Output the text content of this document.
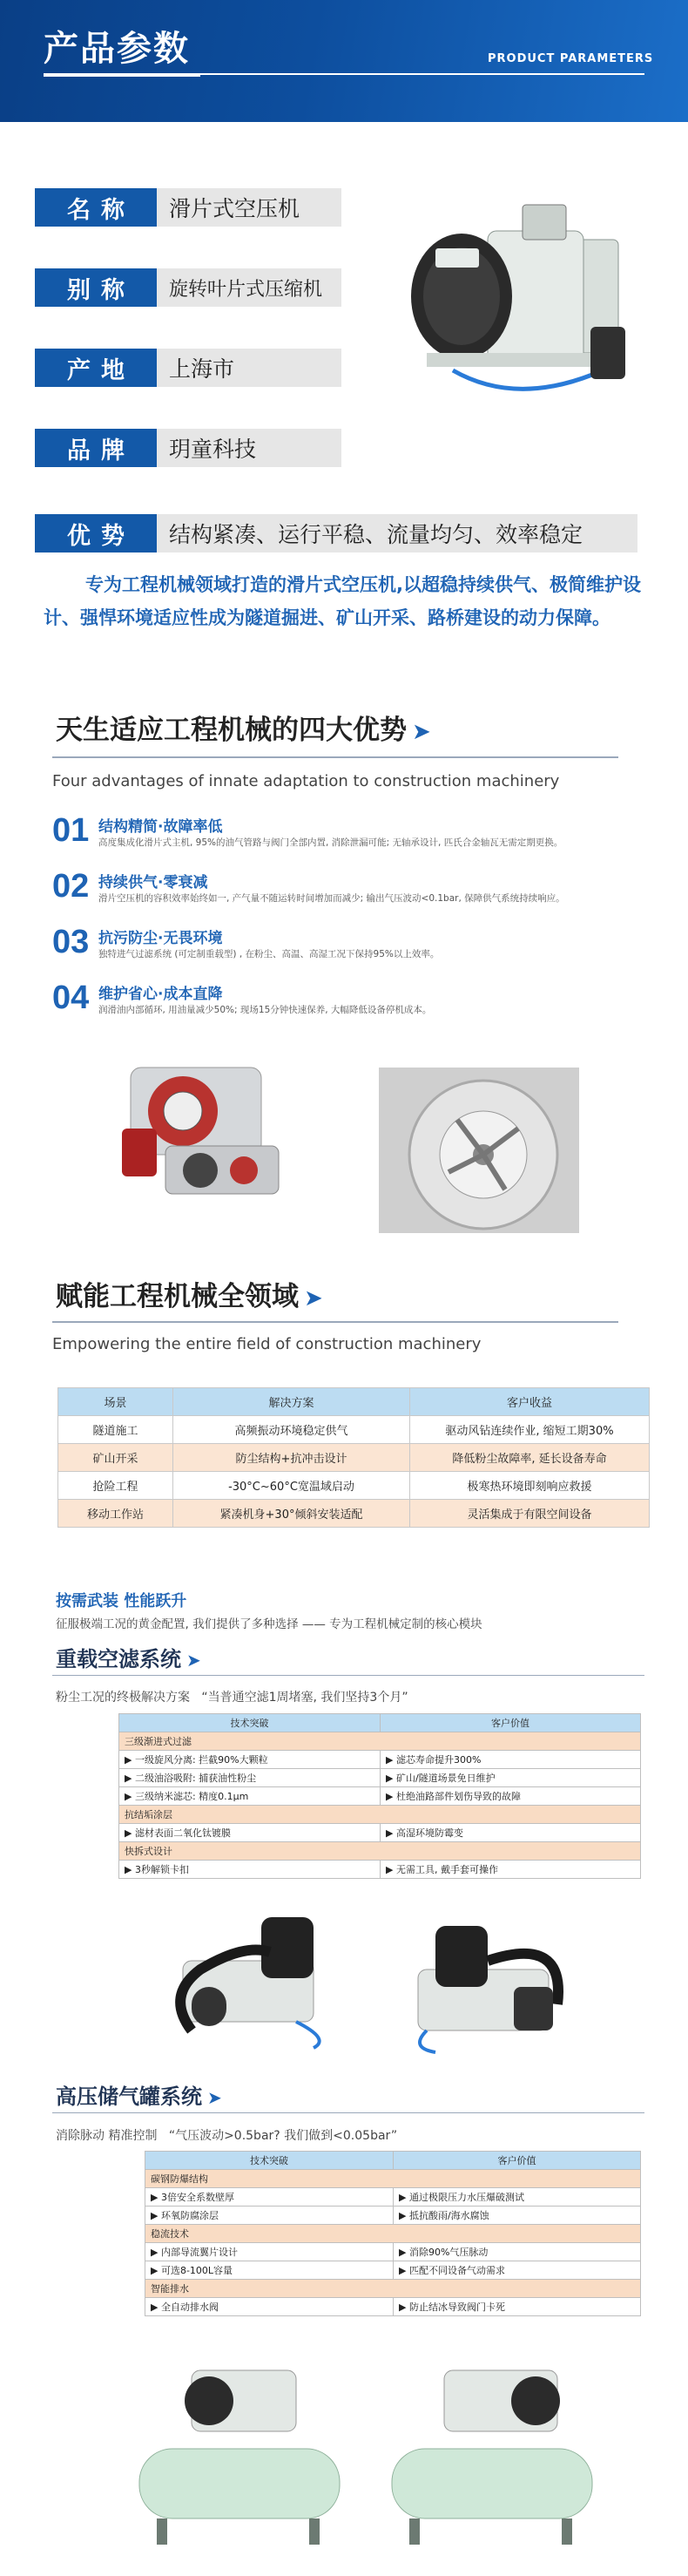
产品参数	PRODUCT PARAMETERS
名称	滑片式空压机
别称	旋转叶片式压缩机
产地	上海市
品牌	玥童科技
优势	结构紧凑、运行平稳、流量均匀、效率稳定
专为工程机械领域打造的滑片式空压机,以超稳持续供气、极简维护设计、强悍环境适应性成为隧道掘进、矿山开采、路桥建设的动力保障。
天生适应工程机械的四大优势 ➤
Four advantages of innate adaptation to construction machinery
01 结构精简·故障率低
高度集成化滑片式主机, 95%的油气管路与阀门全部内置, 消除泄漏可能; 无轴承设计, 匹氏合金轴瓦无需定期更换。
02 持续供气·零衰减
滑片空压机的容积效率始终如一, 产气量不随运转时间增加而减少; 输出气压波动<0.1bar, 保障供气系统持续响应。
03 抗污防尘·无畏环境
独特进气过滤系统 (可定制重载型) , 在粉尘、高温、高湿工况下保持95%以上效率。
04 维护省心·成本直降
润滑油内部循环, 用油量减少50%; 现场15分钟快速保养, 大幅降低设备停机成本。
赋能工程机械全领域 ➤
Empowering the entire field of construction machinery
场景	解决方案	客户收益
隧道施工	高频振动环境稳定供气	驱动风钻连续作业, 缩短工期30%
矿山开采	防尘结构+抗冲击设计	降低粉尘故障率, 延长设备寿命
抢险工程	-30°C~60°C宽温域启动	极寒热环境即刻响应救援
移动工作站	紧凑机身+30°倾斜安装适配	灵活集成于有限空间设备
按需武装 性能跃升
征服极端工况的黄金配置, 我们提供了多种选择 —— 专为工程机械定制的核心模块
重载空滤系统 ➤
粉尘工况的终极解决方案 “当普通空滤1周堵塞, 我们坚持3个月”
技术突破	客户价值
三级渐进式过滤	
▶ 一级旋风分离: 拦截90%大颗粒	▶ 滤芯寿命提升300%
▶ 二级油浴吸附: 捕获油性粉尘	▶ 矿山/隧道场景免日维护
▶ 三级纳米滤芯: 精度0.1μm	▶ 杜绝油路部件划伤导致的故障
抗结垢涂层	
▶ 滤材表面二氧化钛镀膜	▶ 高湿环境防霉变
快拆式设计	
▶ 3秒解锁卡扣	▶ 无需工具, 戴手套可操作
高压储气罐系统 ➤
消除脉动 精准控制 “气压波动>0.5bar? 我们做到<0.05bar”
技术突破	客户价值
碳钢防爆结构	
▶ 3倍安全系数壁厚	▶ 通过极限压力水压爆破测试
▶ 环氧防腐涂层	▶ 抵抗酸雨/海水腐蚀
稳流技术	
▶ 内部导流翼片设计	▶ 消除90%气压脉动
▶ 可选8-100L容量	▶ 匹配不同设备气动需求
智能排水	
▶ 全自动排水阀	▶ 防止结冰导致阀门卡死
